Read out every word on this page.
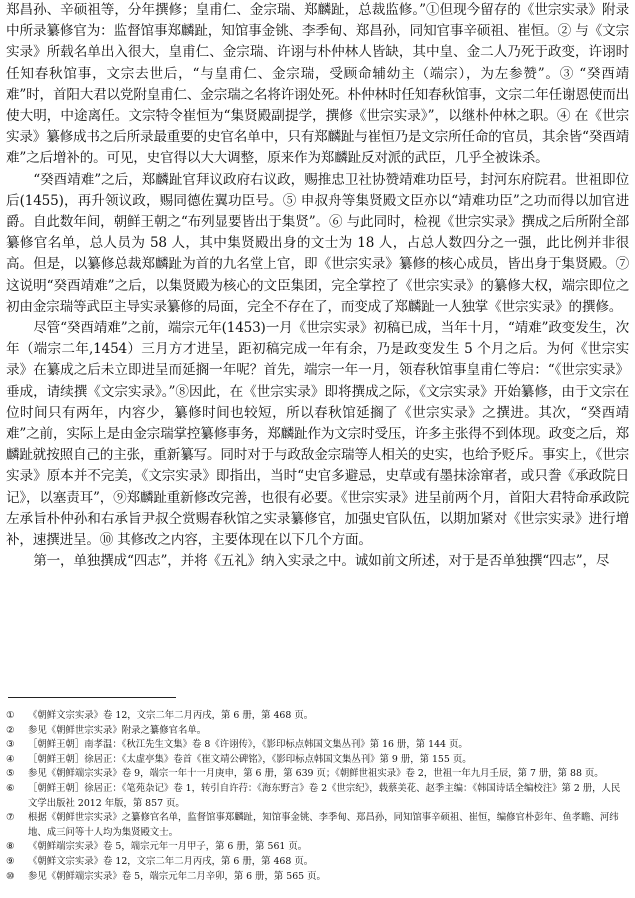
郑昌孙、辛硕祖等，分年撰修；皇甫仁、金宗瑞、郑麟趾，总裁监修。”①但现今留存的《世宗实录》附录中所录纂修官为：监督馆事郑麟趾，知馆事金铫、李季甸、郑昌孙，同知官事辛硕祖、崔恒。② 与《文宗实录》所载名单出入很大，皇甫仁、金宗瑞、许诩与朴仲林人皆缺，其中皇、金二人乃死于政变，许诩时任知春秋馆事，文宗去世后，“与皇甫仁、金宗瑞，受顾命辅幼主（端宗），为左参赞”。③ “癸酉靖难”时，首阳大君以党附皇甫仁、金宗瑞之名将许诩处死。朴仲林时任知春秋馆事，文宗二年任谢恩使而出使大明，中途离任。文宗特令崔恒为“集贤殿副提学，撰修《世宗实录》”，以继朴仲林之职。④ 在《世宗实录》纂修成书之后所录最重要的史官名单中，只有郑麟趾与崔恒乃是文宗所任命的官员，其余皆“癸酉靖难”之后增补的。可见，史官得以大大调整，原来作为郑麟趾反对派的武臣，几乎全被诛杀。

“癸酉靖难”之后，郑麟趾官拜议政府右议政，赐推忠卫社协赞靖难功臣号，封河东府院君。世祖即位后(1455)，再升领议政，赐同德佐翼功臣号。⑤ 申叔舟等集贤殿文臣亦以“靖难功臣”之功而得以加官进爵。自此数年间，朝鲜王朝之“布列显要皆出于集贤”。⑥ 与此同时，检视《世宗实录》撰成之后所附全部纂修官名单，总人员为 58 人，其中集贤殿出身的文士为 18 人，占总人数四分之一强，此比例并非很高。但是，以纂修总裁郑麟趾为首的九名堂上官，即《世宗实录》纂修的核心成员，皆出身于集贤殿。⑦ 这说明“癸酉靖难”之后，以集贤殿为核心的文臣集团，完全掌控了《世宗实录》的纂修大权，端宗即位之初由金宗瑞等武臣主导实录纂修的局面，完全不存在了，而变成了郑麟趾一人独掌《世宗实录》的撰修。

尽管“癸酉靖难”之前，端宗元年(1453)一月《世宗实录》初稿已成，当年十月，“靖难”政变发生，次年（端宗二年,1454）三月方才进呈，距初稿完成一年有余，乃是政变发生 5 个月之后。为何《世宗实录》在纂成之后未立即进呈而延搁一年呢？首先，端宗一年一月，领春秋馆事皇甫仁等启：“《世宗实录》垂成，请续撰《文宗实录》。”⑧因此，在《世宗实录》即将撰成之际，《文宗实录》开始纂修，由于文宗在位时间只有两年，内容少，纂修时间也较短，所以春秋馆延搁了《世宗实录》之撰进。其次，“癸酉靖难”之前，实际上是由金宗瑞掌控纂修事务，郑麟趾作为文宗时受压，许多主张得不到体现。政变之后，郑麟趾就按照自己的主张，重新纂写。同时对于与政敌金宗瑞等人相关的史实，也给予贬斥。事实上，《世宗实录》原本并不完美，《文宗实录》即指出，当时“史官多避忌，史草或有墨抹涂窜者，或只誊《承政院日记》，以塞责耳”，⑨郑麟趾重新修改完善，也很有必要。《世宗实录》进呈前两个月，首阳大君特命承政院左承旨朴仲孙和右承旨尹叔仝赏赐春秋馆之实录纂修官，加强史官队伍，以期加紧对《世宗实录》进行增补，速撰进呈。⑩ 其修改之内容，主要体现在以下几个方面。

第一，单独撰成“四志”，并将《五礼》纳入实录之中。诚如前文所述，对于是否单独撰“四志”，尽

①	《朝鲜文宗实录》卷 12，文宗二年二月丙戌，第 6 册，第 468 页。
②	参见《朝鲜世宗实录》附录之纂修官名单。
③	［朝鲜王朝］南孝温：《秋江先生文集》卷 8《许诩传》，《影印标点韩国文集丛刊》第 16 册，第 144 页。
④	［朝鲜王朝］徐居正：《太虚亭集》卷首《崔文靖公碑铭》，《影印标点韩国文集丛刊》第 9 册，第 155 页。
⑤	参见《朝鲜端宗实录》卷 9，端宗一年十一月庚申，第 6 册，第 639 页；《朝鲜世祖实录》卷 2，世祖一年九月壬辰，第 7 册，第 88 页。
⑥	［朝鲜王朝］徐居正：《笔苑杂记》卷 1，转引自许荇：《海东野言》卷 2《世宗纪》，载蔡美花、赵季主编：《韩国诗话全编校注》第 2 册，人民文学出版社 2012 年版，第 857 页。
⑦	根据《朝鲜世宗实录》之纂修官名单，监督馆事郑麟趾，知馆事金铫、李季甸、郑昌孙，同知馆事辛硕祖、崔恒，编修官朴彭年、鱼孝瞻、河纬地、成三问等十人均为集贤殿文士。
⑧	《朝鲜端宗实录》卷 5，端宗元年一月甲子，第 6 册，第 561 页。
⑨	《朝鲜文宗实录》卷 12，文宗二年二月丙戌，第 6 册，第 468 页。
⑩	参见《朝鲜端宗实录》卷 5，端宗元年二月辛卯，第 6 册，第 565 页。
